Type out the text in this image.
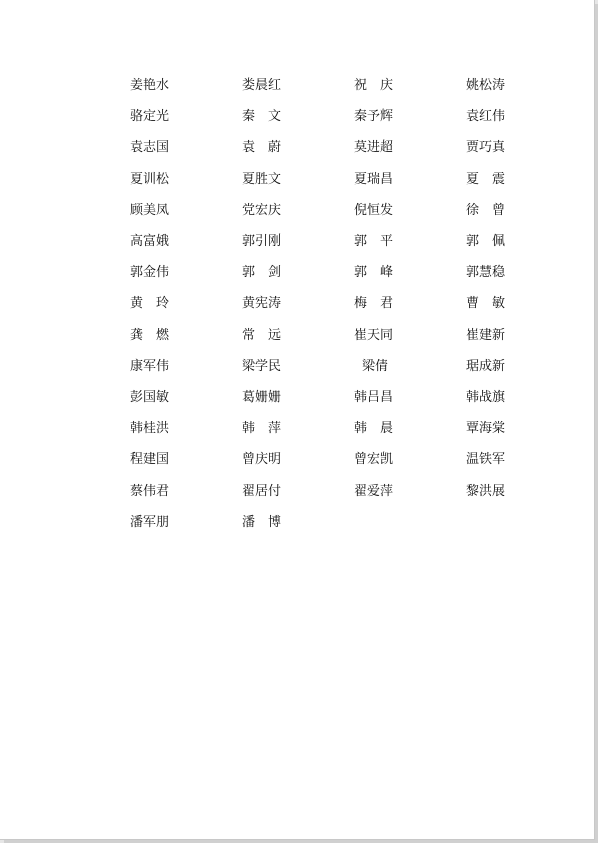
姜艳水	娄晨红	祝　庆	姚松涛
骆定光	秦　文	秦予辉	袁红伟
袁志国	袁　蔚	莫进超	贾巧真
夏训松	夏胜文	夏瑞昌	夏　震
顾美凤	党宏庆	倪恒发	徐　曾
高富娥	郭引刚	郭　平	郭　佩
郭金伟	郭　剑	郭　峰	郭慧稳
黄　玲	黄宪涛	梅　君	曹　敏
龚　燃	常　远	崔天同	崔建新
康军伟	梁学民	梁倩	琚成新
彭国敏	葛姗姗	韩吕昌	韩战旗
韩桂洪	韩　萍	韩　晨	覃海棠
程建国	曾庆明	曾宏凯	温铁军
蔡伟君	翟居付	翟爱萍	黎洪展
潘军朋	潘　博
